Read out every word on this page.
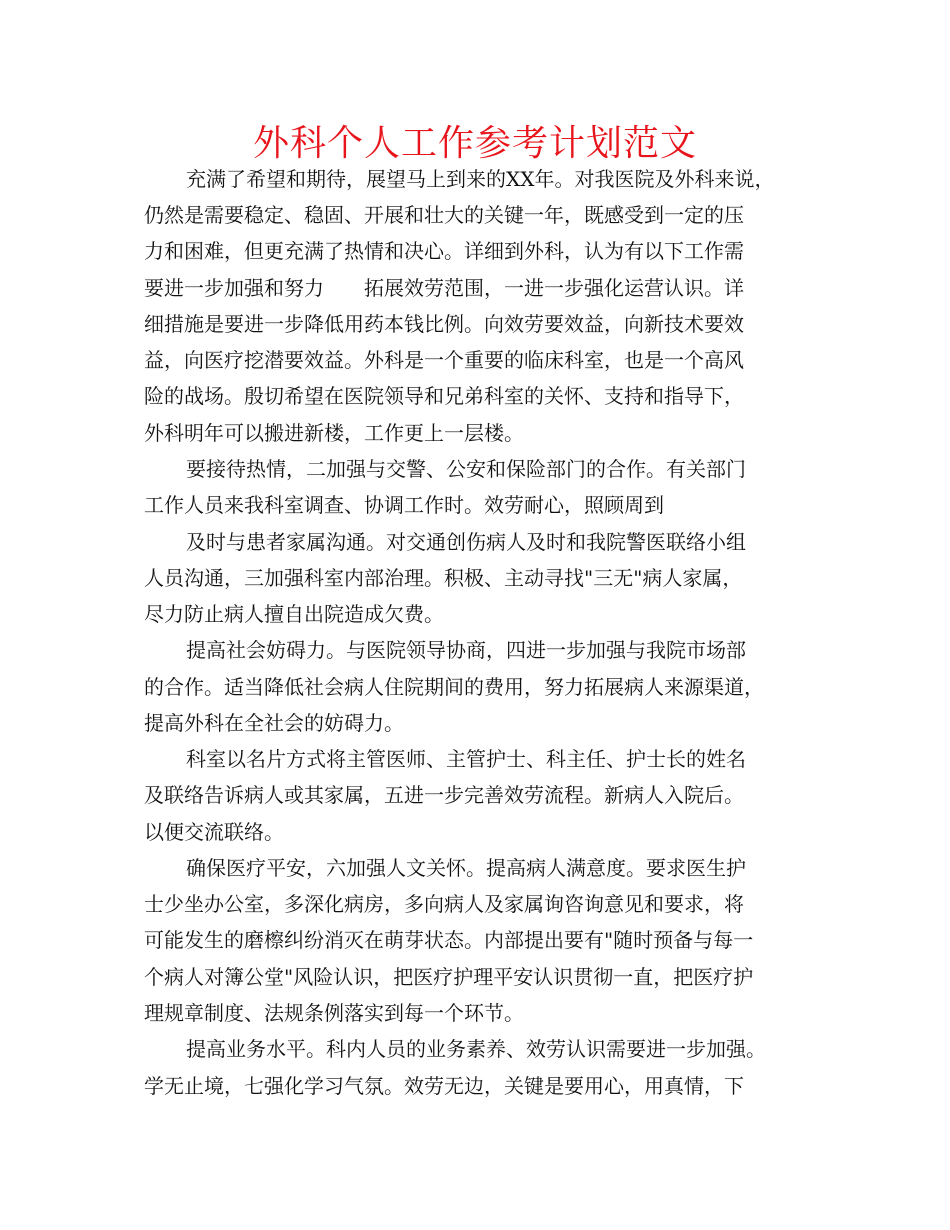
外科个人工作参考计划范文

充满了希望和期待，展望马上到来的XX年。对我医院及外科来说，

仍然是需要稳定、稳固、开展和壮大的关键一年，既感受到一定的压

力和困难，但更充满了热情和决心。详细到外科，认为有以下工作需

要进一步加强和努力　　拓展效劳范围，一进一步强化运营认识。详

细措施是要进一步降低用药本钱比例。向效劳要效益，向新技术要效

益，向医疗挖潜要效益。外科是一个重要的临床科室，也是一个高风

险的战场。殷切希望在医院领导和兄弟科室的关怀、支持和指导下，

外科明年可以搬进新楼，工作更上一层楼。

要接待热情，二加强与交警、公安和保险部门的合作。有关部门

工作人员来我科室调查、协调工作时。效劳耐心，照顾周到

及时与患者家属沟通。对交通创伤病人及时和我院警医联络小组

人员沟通，三加强科室内部治理。积极、主动寻找"三无"病人家属，

尽力防止病人擅自出院造成欠费。

提高社会妨碍力。与医院领导协商，四进一步加强与我院市场部

的合作。适当降低社会病人住院期间的费用，努力拓展病人来源渠道，

提高外科在全社会的妨碍力。

科室以名片方式将主管医师、主管护士、科主任、护士长的姓名

及联络告诉病人或其家属，五进一步完善效劳流程。新病人入院后。

以便交流联络。

确保医疗平安，六加强人文关怀。提高病人满意度。要求医生护

士少坐办公室，多深化病房，多向病人及家属询咨询意见和要求，将

可能发生的磨檫纠纷消灭在萌芽状态。内部提出要有"随时预备与每一

个病人对簿公堂"风险认识，把医疗护理平安认识贯彻一直，把医疗护

理规章制度、法规条例落实到每一个环节。

提高业务水平。科内人员的业务素养、效劳认识需要进一步加强。

学无止境，七强化学习气氛。效劳无边，关键是要用心，用真情，下
